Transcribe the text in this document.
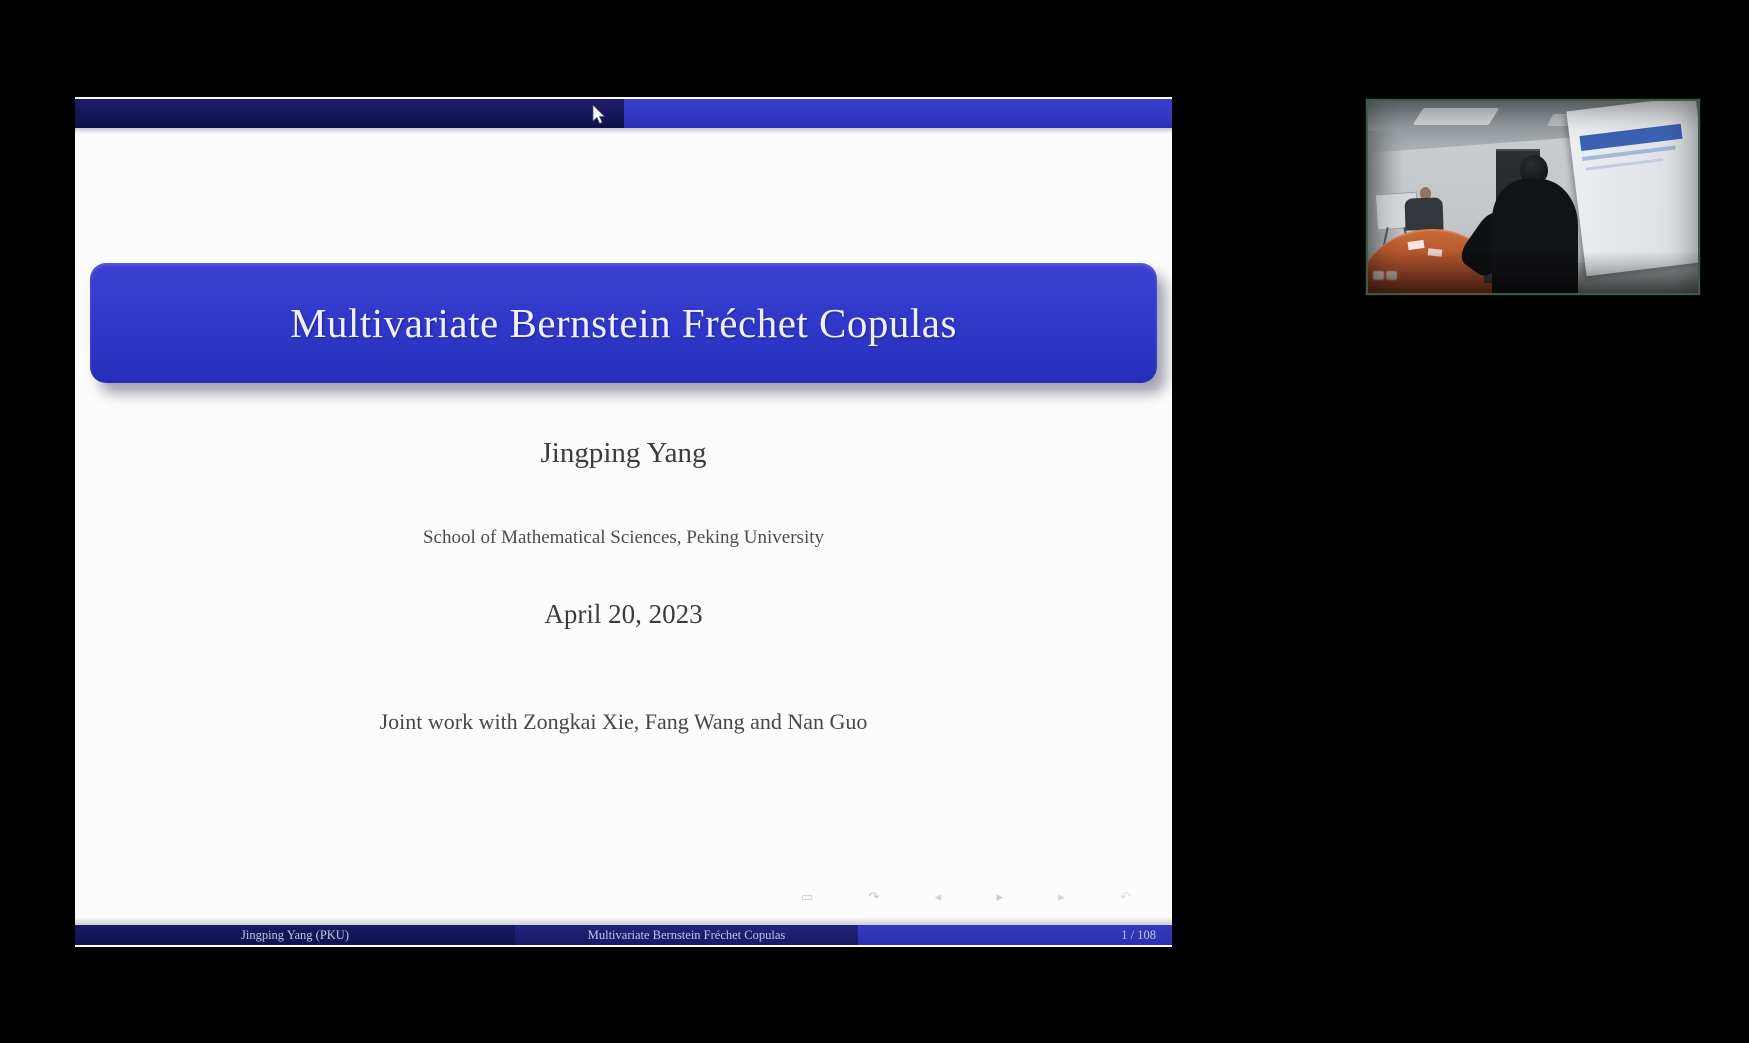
Multivariate Bernstein Fréchet Copulas
Jingping Yang
School of Mathematical Sciences, Peking University
April 20, 2023
Joint work with Zongkai Xie, Fang Wang and Nan Guo
▭	↷	◂	▸	▸	↶
Jingping Yang (PKU)	Multivariate Bernstein Fréchet Copulas	1 / 108
